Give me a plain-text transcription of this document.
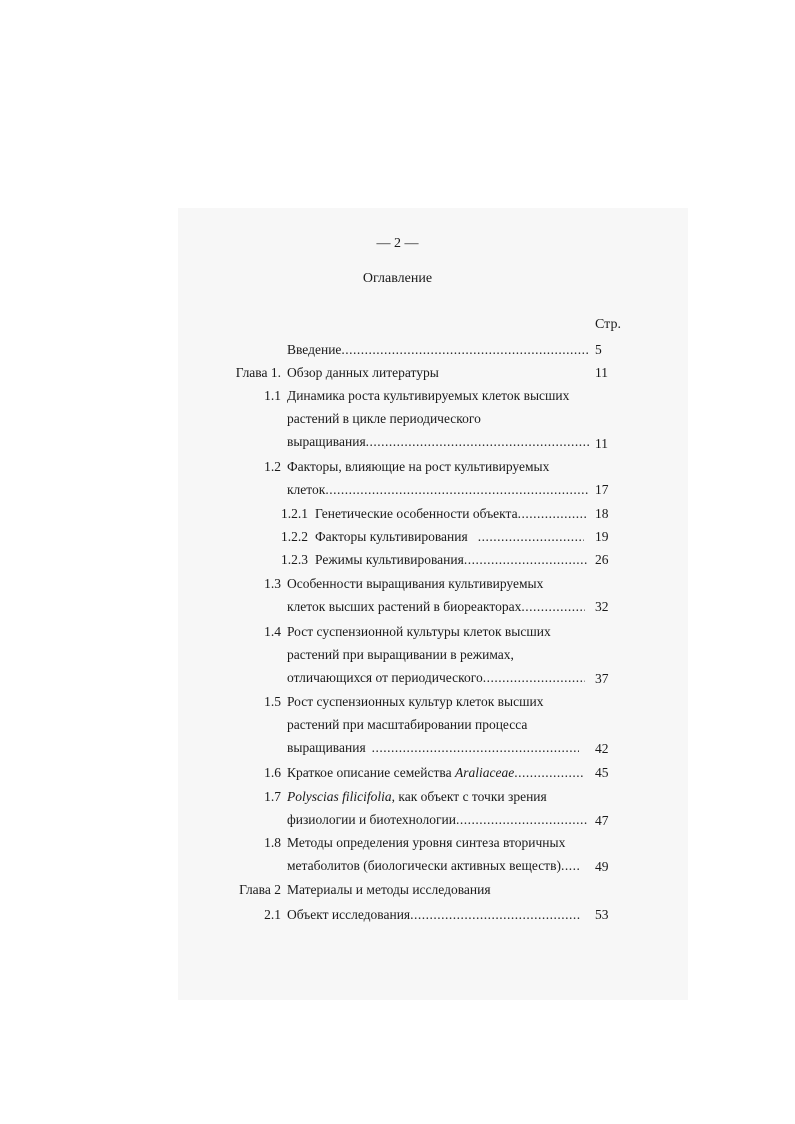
— 2 —
Оглавление
Стр.
Введение .....	5
Глава 1. Обзор данных литературы	11
1.1 Динамика роста культивируемых клеток высших
растений в цикле периодического
выращивания .....	11
1.2 Факторы, влияющие на рост культивируемых
клеток .....	17
1.2.1 Генетические особенности объекта .....	18
1.2.2 Факторы культивирования .....	19
1.2.3 Режимы культивирования .....	26
1.3 Особенности выращивания культивируемых
клеток высших растений в биореакторах .....	32
1.4 Рост суспензионной культуры клеток высших
растений при выращивании в режимах,
отличающихся от периодического .....	37
1.5 Рост суспензионных культур клеток высших
растений при масштабировании процесса
выращивания .....	42
1.6 Краткое описание семейства Araliaceae .....	45
1.7 Polyscias filicifolia, как объект с точки зрения
физиологии и биотехнологии .....	47
1.8 Методы определения уровня синтеза вторичных
метаболитов (биологически активных веществ) .....	49
Глава 2 Материалы и методы исследования
2.1 Объект исследования .....	53
